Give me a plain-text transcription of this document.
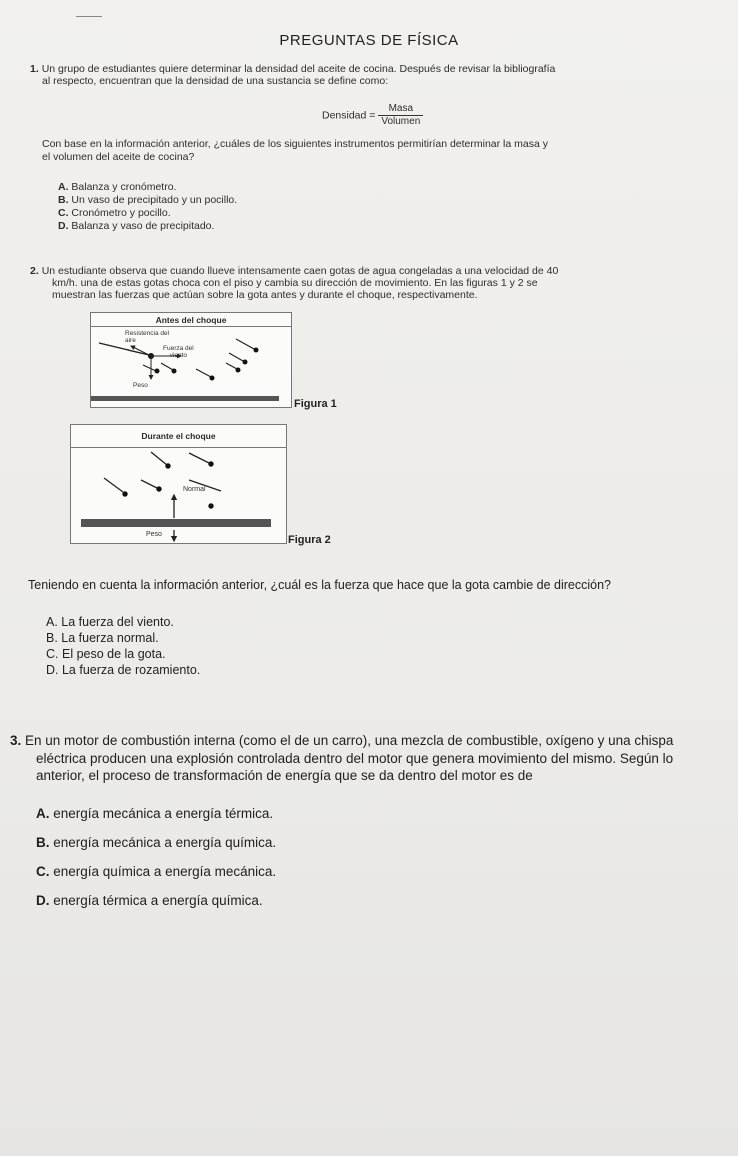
PREGUNTAS DE FÍSICA
1. Un grupo de estudiantes quiere determinar la densidad del aceite de cocina. Después de revisar la bibliografía
al respecto, encuentran que la densidad de una sustancia se define como:
Densidad = $\frac{\text{Masa}}{\text{Volumen}}$
Con base en la información anterior, ¿cuáles de los siguientes instrumentos permitirían determinar la masa y
el volumen del aceite de cocina?
A. Balanza y cronómetro.
B. Un vaso de precipitado y un pocillo.
C. Cronómetro y pocillo.
D. Balanza y vaso de precipitado.
2. Un estudiante observa que cuando llueve intensamente caen gotas de agua congeladas a una velocidad de 40
km/h. una de estas gotas choca con el piso y cambia su dirección de movimiento. En las figuras 1 y 2 se
muestran las fuerzas que actúan sobre la gota antes y durante el choque, respectivamente.
Antes del choque
Resistencia del
aire
Fuerza del
viento
Peso
Figura 1
Durante el choque
Normal
Peso	Figura 2
Teniendo en cuenta la información anterior, ¿cuál es la fuerza que hace que la gota cambie de dirección?
A. La fuerza del viento.
B. La fuerza normal.
C. El peso de la gota.
D. La fuerza de rozamiento.
3. En un motor de combustión interna (como el de un carro), una mezcla de combustible, oxígeno y una chispa
eléctrica producen una explosión controlada dentro del motor que genera movimiento del mismo. Según lo
anterior, el proceso de transformación de energía que se da dentro del motor es de
A. energía mecánica a energía térmica.
B. energía mecánica a energía química.
C. energía química a energía mecánica.
D. energía térmica a energía química.
